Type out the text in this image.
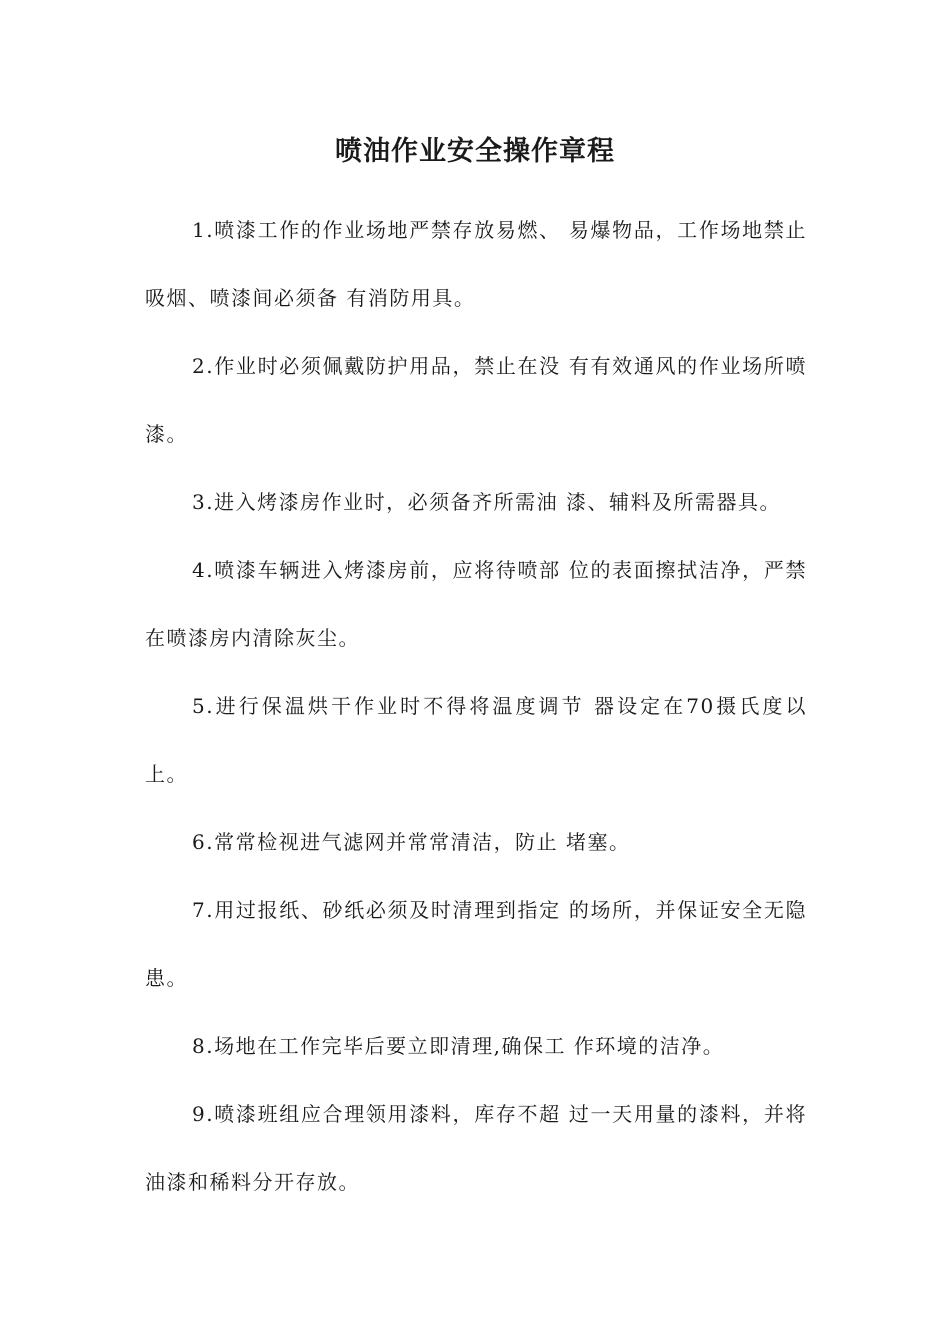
喷油作业安全操作章程

1.喷漆工作的作业场地严禁存放易燃、 易爆物品，工作场地禁止吸烟、喷漆间必须备 有消防用具。

2.作业时必须佩戴防护用品，禁止在没 有有效通风的作业场所喷漆。

3.进入烤漆房作业时，必须备齐所需油 漆、辅料及所需器具。

4.喷漆车辆进入烤漆房前，应将待喷部 位的表面擦拭洁净，严禁在喷漆房内清除灰尘。

5.进行保温烘干作业时不得将温度调节 器设定在70摄氏度以上。

6.常常检视进气滤网并常常清洁，防止 堵塞。

7.用过报纸、砂纸必须及时清理到指定 的场所，并保证安全无隐患。

8.场地在工作完毕后要立即清理,确保工 作环境的洁净。

9.喷漆班组应合理领用漆料，库存不超 过一天用量的漆料，并将油漆和稀料分开存放。
